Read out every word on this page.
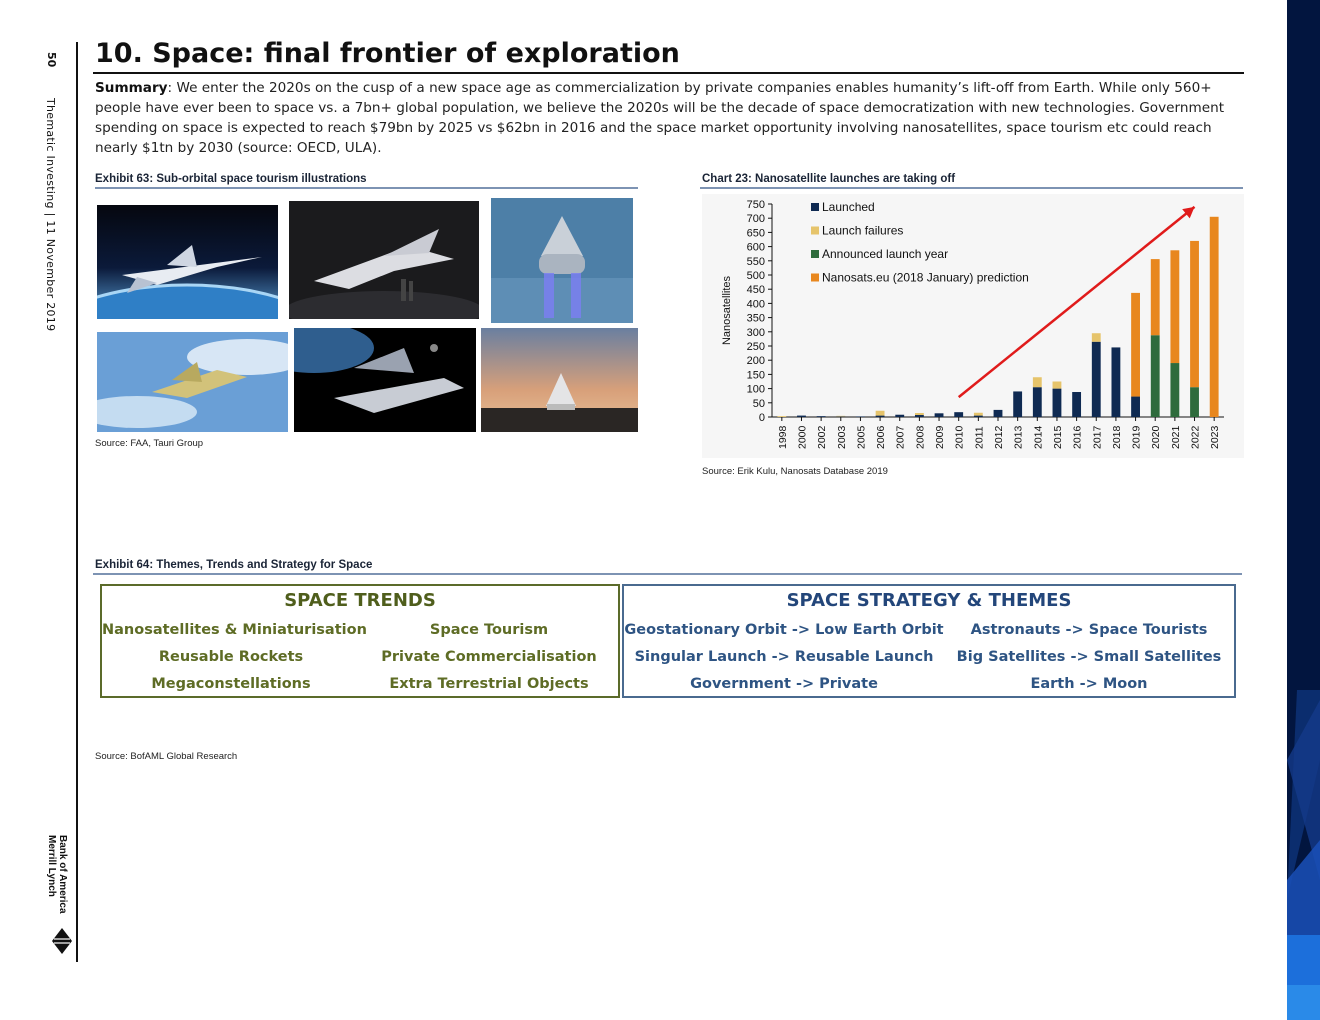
50
Thematic Investing | 11 November 2019
Bank of America
Merrill Lynch
10. Space: final frontier of exploration
Summary: We enter the 2020s on the cusp of a new space age as commercialization by private companies enables humanity’s lift-off from Earth. While only 560+ people have ever been to space vs. a 7bn+ global population, we believe the 2020s will be the decade of space democratization with new technologies. Government spending on space is expected to reach $79bn by 2025 vs $62bn in 2016 and the space market opportunity involving nanosatellites, space tourism etc could reach nearly $1tn by 2030 (source: OECD, ULA).
Exhibit 63: Sub-orbital space tourism illustrations
Source: FAA, Tauri Group
Chart 23: Nanosatellite launches are taking off
0
50
100
150
200
250
300
350
400
450
500
550
600
650
700
750
Nanosatellites
1998 2000 2002 2003 2005 2006 2007 2008 2009 2010 2011 2012 2013 2014 2015 2016 2017 2018 2019 2020 2021 2022 2023
Launched
Launch failures
Announced launch year
Nanosats.eu (2018 January) prediction
Source: Erik Kulu, Nanosats Database 2019
Exhibit 64: Themes, Trends and Strategy for Space
SPACE TRENDS
Nanosatellites & Miniaturisation	Space Tourism
Reusable Rockets	Private Commercialisation
Megaconstellations	Extra Terrestrial Objects
SPACE STRATEGY & THEMES
Geostationary Orbit -> Low Earth Orbit	Astronauts -> Space Tourists
Singular Launch -> Reusable Launch	Big Satellites -> Small Satellites
Government -> Private	Earth -> Moon
Source: BofAML Global Research
